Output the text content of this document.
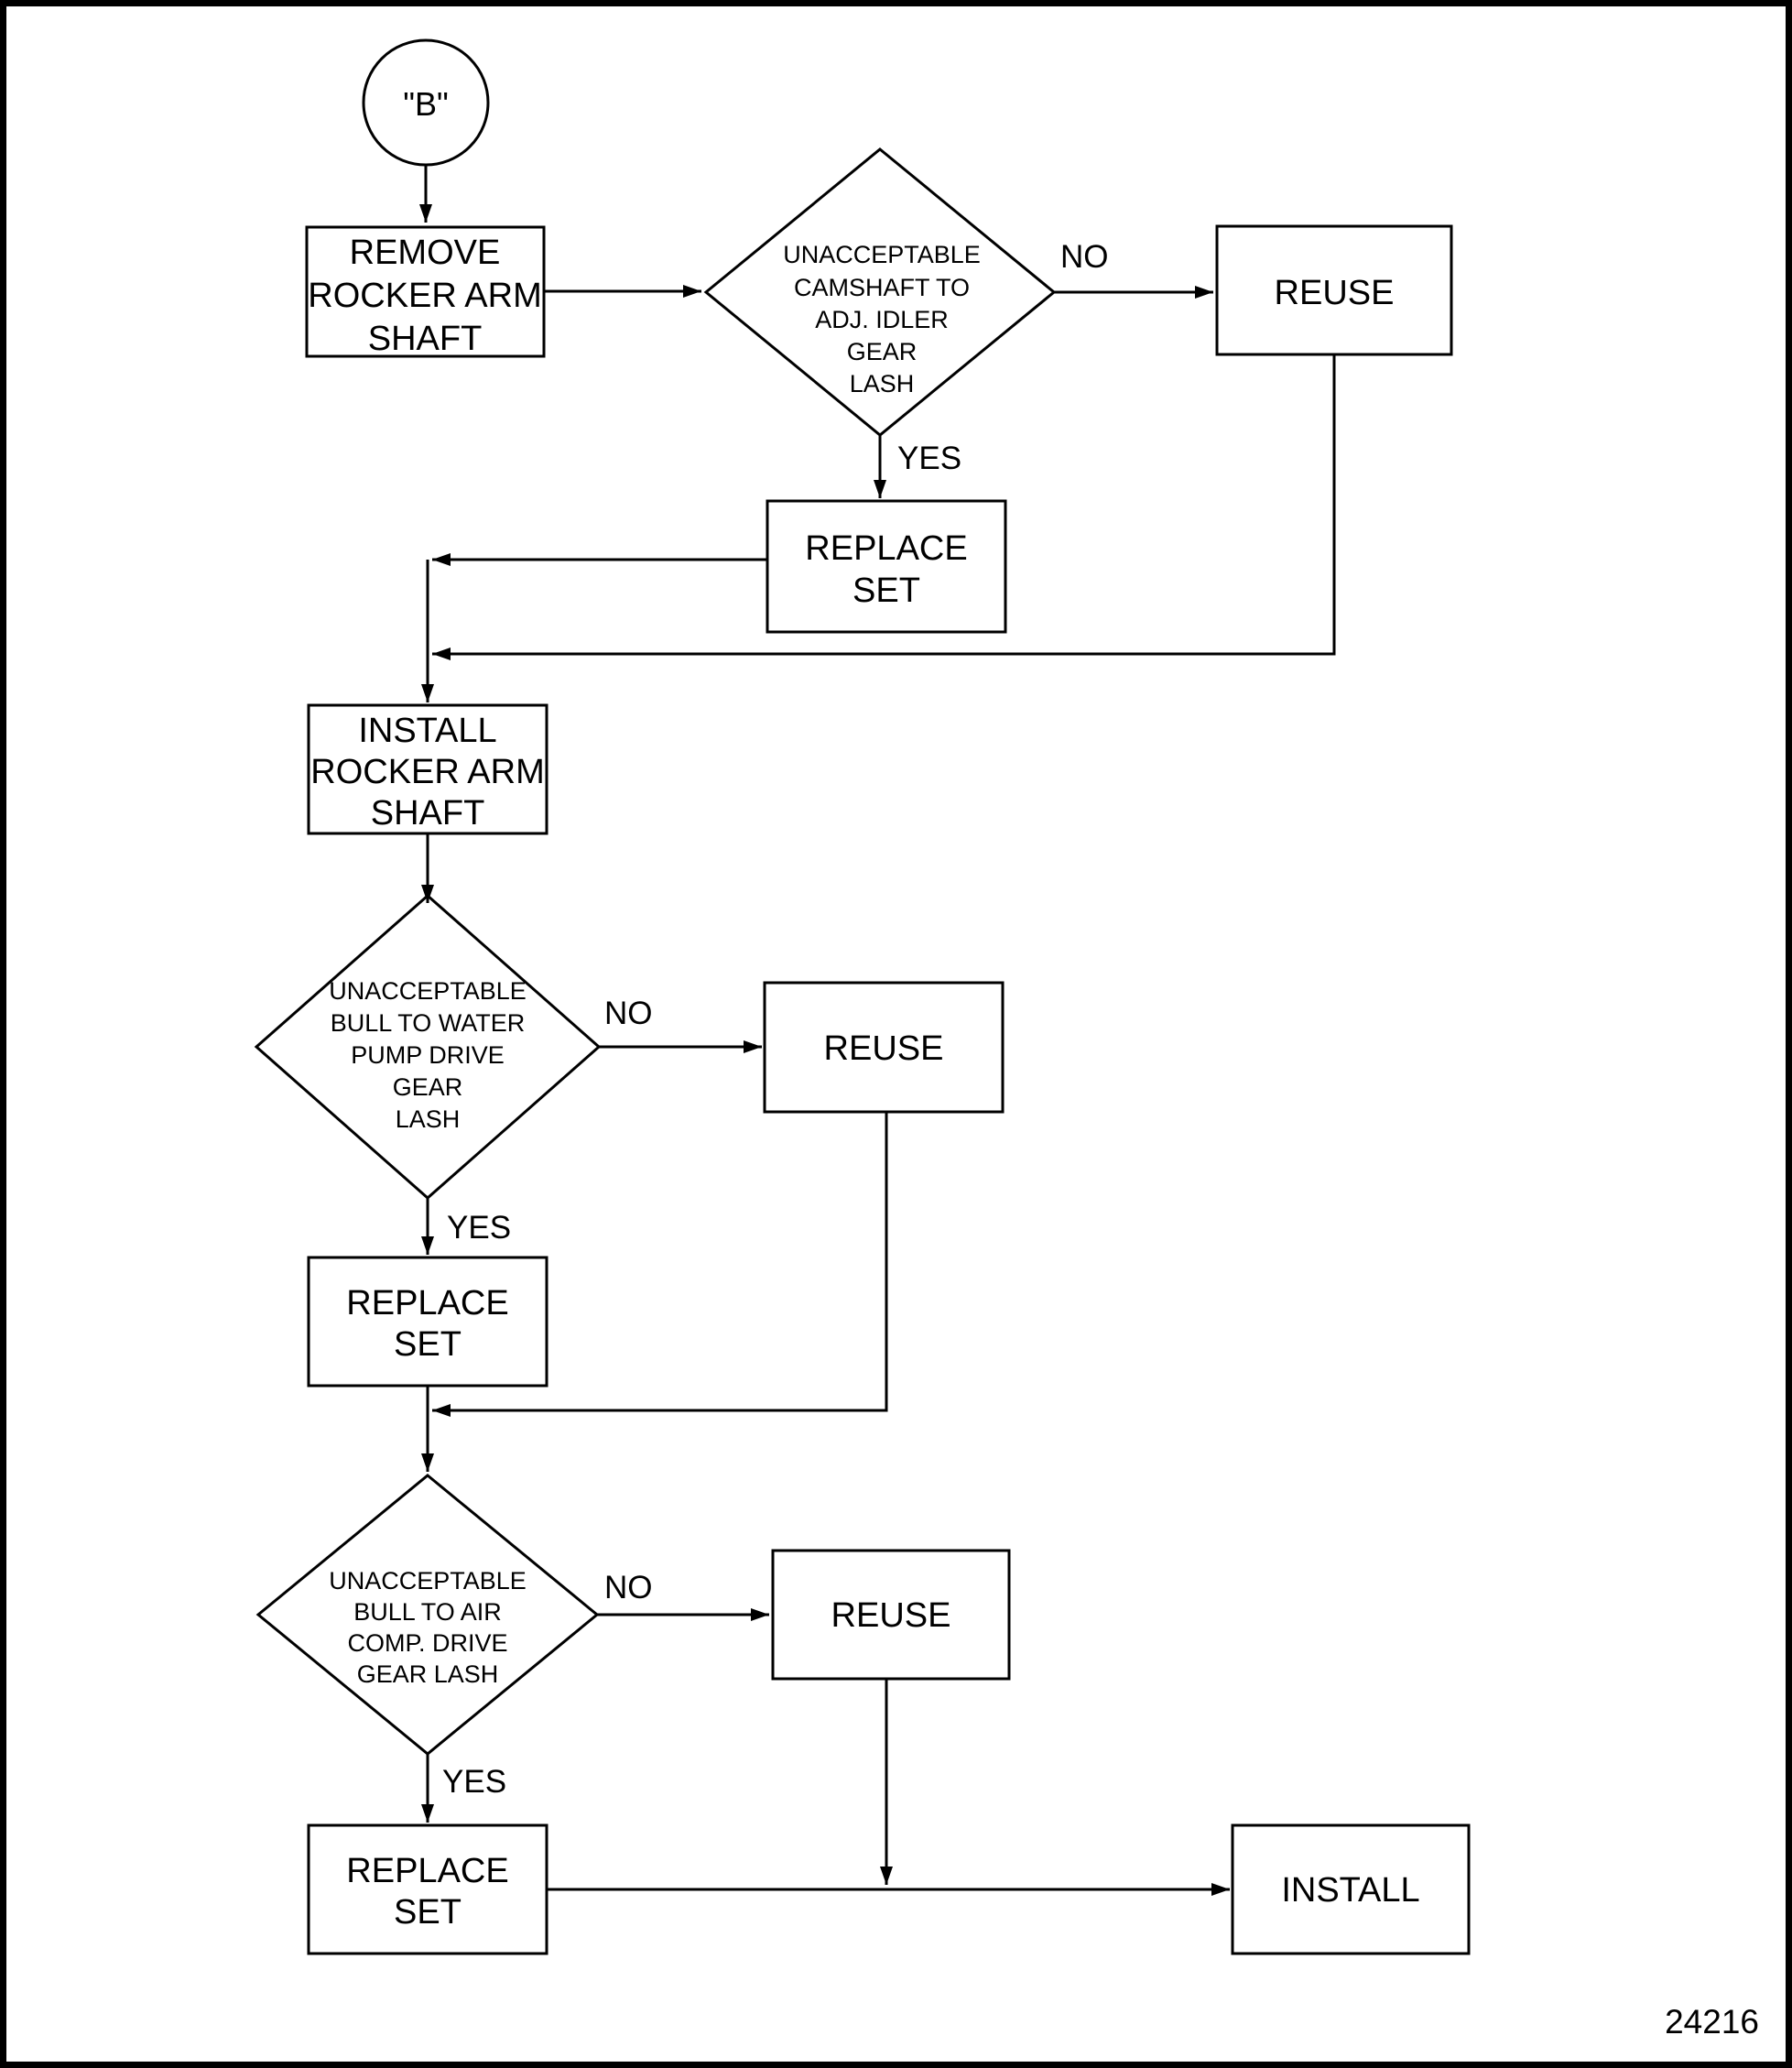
"B"
REMOVE
ROCKER ARM
SHAFT
UNACCEPTABLE
CAMSHAFT TO
ADJ. IDLER
GEAR
LASH
NO
YES
REUSE
REPLACE
SET
INSTALL
ROCKER ARM
SHAFT
UNACCEPTABLE
BULL TO WATER
PUMP DRIVE
GEAR
LASH
NO
YES
REUSE
REPLACE
SET
UNACCEPTABLE
BULL TO AIR
COMP. DRIVE
GEAR LASH
NO
YES
REUSE
REPLACE
SET
INSTALL
24216
